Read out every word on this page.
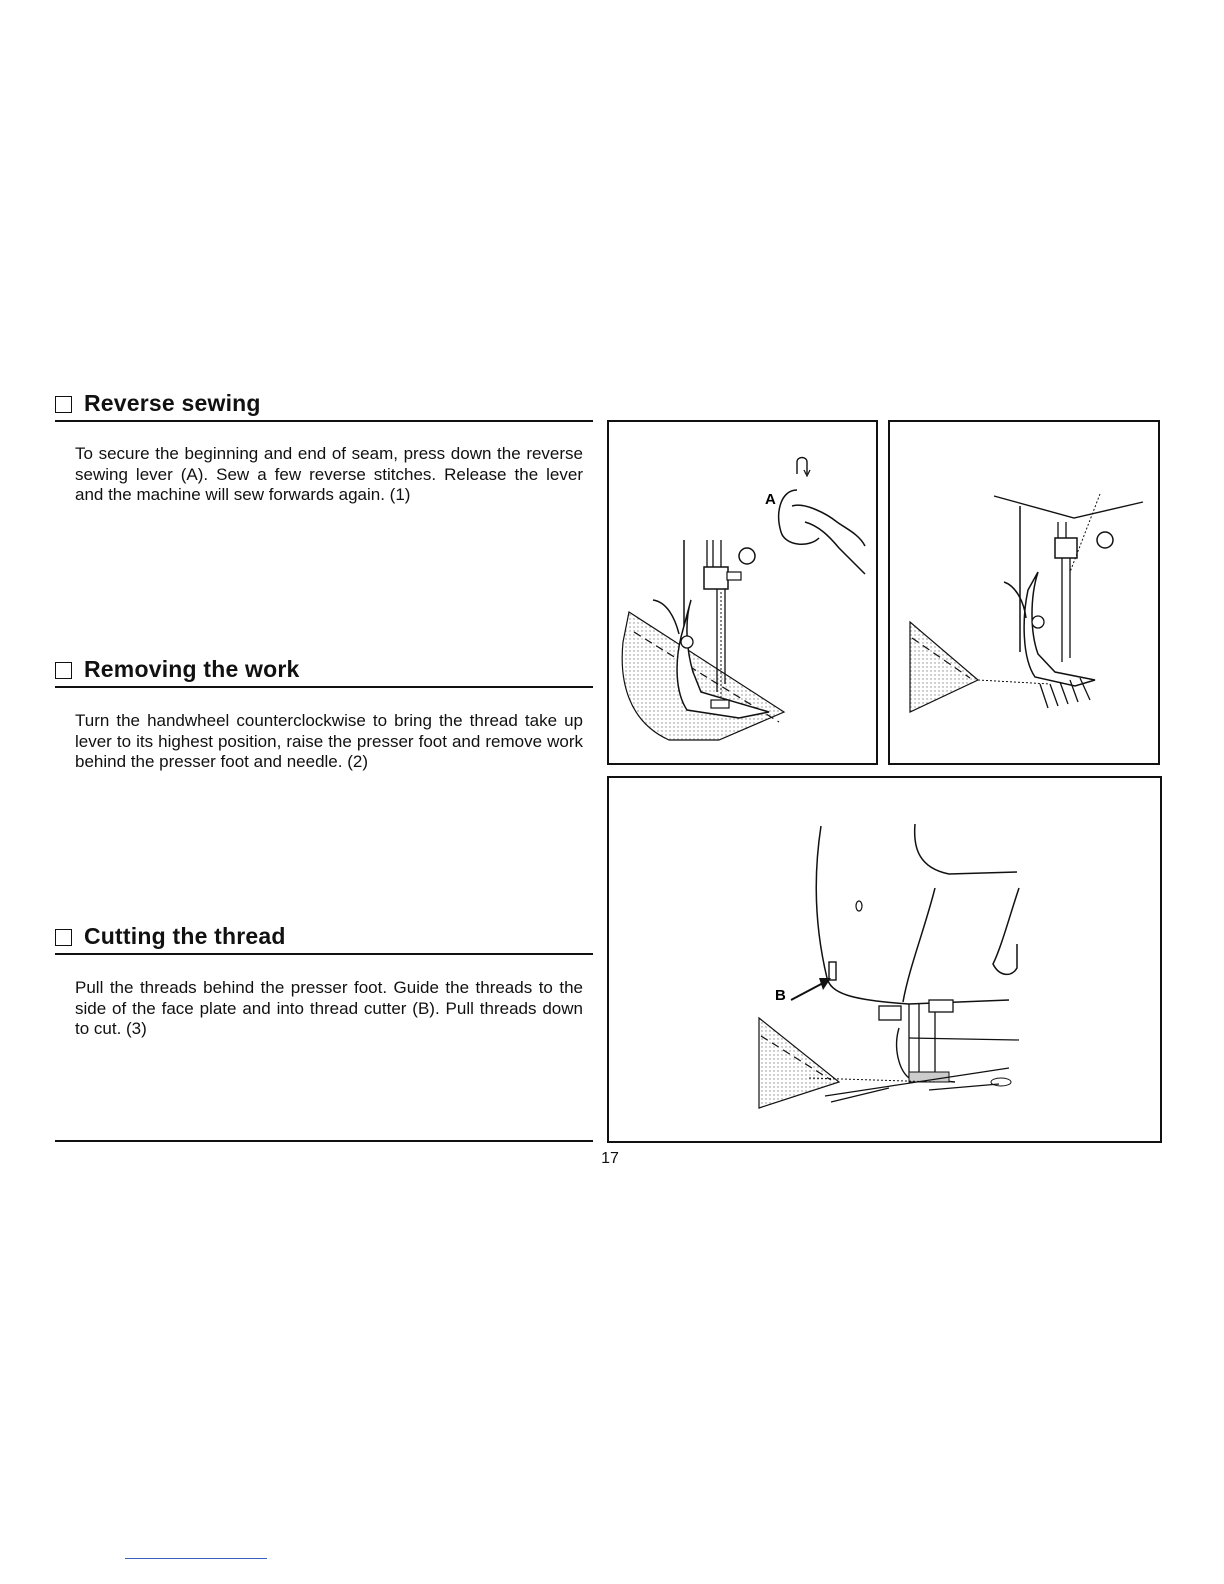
Reverse sewing
To secure the beginning and end of seam, press down the reverse sewing lever (A). Sew a few reverse stitches. Release the lever and the machine will sew forwards again. (1)
Removing the work
Turn the handwheel counterclockwise to bring the thread take up lever to its highest position, raise the presser foot and remove work behind the presser foot and needle. (2)
Cutting the thread
Pull the threads behind the presser foot. Guide the threads to the side of the face plate and into thread cutter (B). Pull threads down to cut. (3)
A
B
17
